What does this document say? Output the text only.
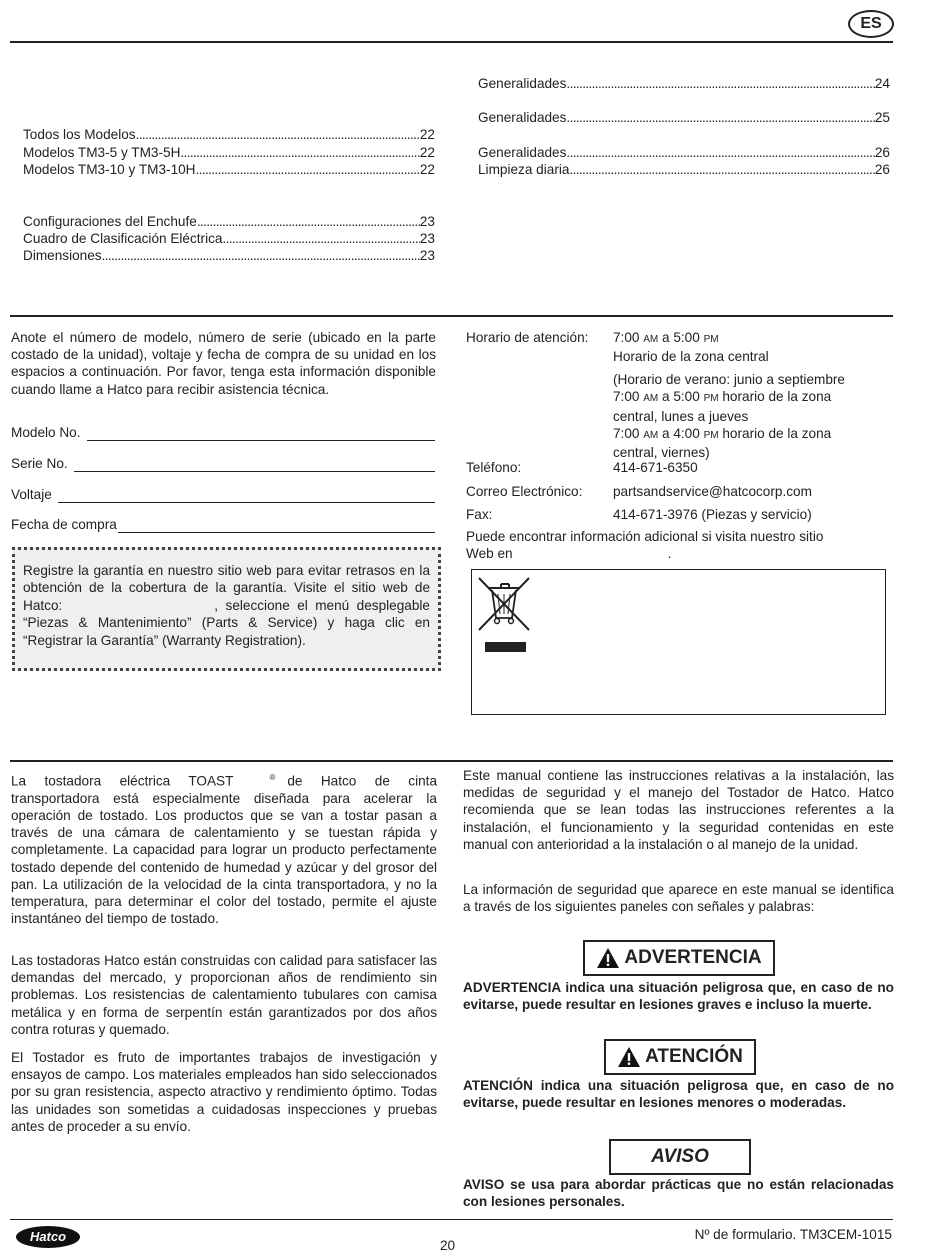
ES
Todos los Modelos . . .	22
Modelos TM3-5 y TM3-5H . . .	22
Modelos TM3-10 y TM3-10H . . .	22
Configuraciones del Enchufe . . .	23
Cuadro de Clasificación Eléctrica . . .	23
Dimensiones . . .	23
Generalidades . . .	24
Generalidades . . .	25
Generalidades . . .	26
Limpieza diaria . . .	26

Anote el número de modelo, número de serie (ubicado en la parte costado de la unidad), voltaje y fecha de compra de su unidad en los espacios a continuación. Por favor, tenga esta información disponible cuando llame a Hatco para recibir asistencia técnica.

Modelo No.
Serie No.
Voltaje
Fecha de compra

Registre la garantía en nuestro sitio web para evitar retrasos en la obtención de la cobertura de la garantía. Visite el sitio web de Hatco:	, seleccione el menú desplegable “Piezas & Mantenimiento” (Parts & Service) y haga clic en “Registrar la Garantía” (Warranty Registration).

Horario de atención: 7:00 AM a 5:00 PM
Horario de la zona central
(Horario de verano: junio a septiembre
7:00 AM a 5:00 PM horario de la zona
central, lunes a jueves
7:00 AM a 4:00 PM horario de la zona
central, viernes)
Teléfono:	414-671-6350
Correo Electrónico: partsandservice@hatcocorp.com
Fax:	414-671-3976 (Piezas y servicio)
Puede encontrar información adicional si visita nuestro sitio
Web en	.

La tostadora eléctrica TOAST	® de Hatco de cinta transportadora está especialmente diseñada para acelerar la operación de tostado. Los productos que se van a tostar pasan a través de una cámara de calentamiento y se tuestan rápida y completamente. La capacidad para lograr un producto perfectamente tostado depende del contenido de humedad y azúcar y del grosor del pan. La utilización de la velocidad de la cinta transportadora, y no la temperatura, para determinar el color del tostado, permite el ajuste instantáneo del tiempo de tostado.

Las tostadoras Hatco están construidas con calidad para satisfacer las demandas del mercado, y proporcionan años de rendimiento sin problemas. Los resistencias de calentamiento tubulares con camisa metálica y en forma de serpentín están garantizados por dos años contra roturas y quemado.

El Tostador es fruto de importantes trabajos de investigación y ensayos de campo. Los materiales empleados han sido seleccionados por su gran resistencia, aspecto atractivo y rendimiento óptimo. Todas las unidades son sometidas a cuidadosas inspecciones y pruebas antes de proceder a su envío.

Este manual contiene las instrucciones relativas a la instalación, las medidas de seguridad y el manejo del Tostador de Hatco. Hatco recomienda que se lean todas las instrucciones referentes a la instalación, el funcionamiento y la seguridad contenidas en este manual con anterioridad a la instalación o al manejo de la unidad.

La información de seguridad que aparece en este manual se identifica a través de los siguientes paneles con señales y palabras:

ADVERTENCIA

ADVERTENCIA indica una situación peligrosa que, en caso de no evitarse, puede resultar en lesiones graves e incluso la muerte.

ATENCIÓN

ATENCIÓN indica una situación peligrosa que, en caso de no evitarse, puede resultar en lesiones menores o moderadas.

AVISO

AVISO se usa para abordar prácticas que no están relacionadas con lesiones personales.

Hatco
20
Nº de formulario. TM3CEM-1015
